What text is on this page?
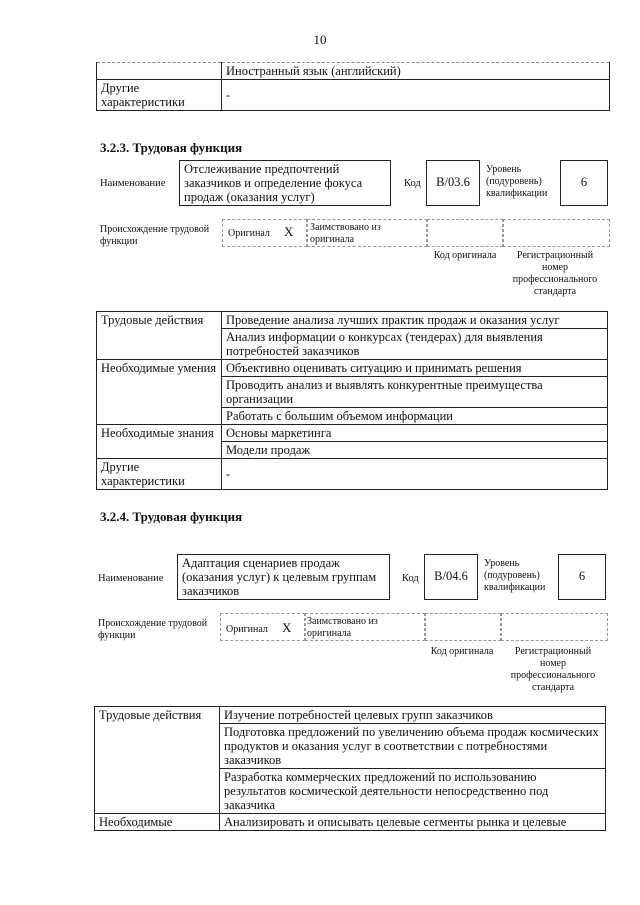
10
	Иностранный язык (английский)
Другие характеристики	-
3.2.3. Трудовая функция
Наименование
Отслеживание предпочтений заказчиков и определение фокуса продаж (оказания услуг)
Код	B/03.6
Уровень (подуровень) квалификации
6
Происхождение трудовой функции
Оригинал X Заимствовано из оригинала
Код оригинала	Регистрационный номер профессионального стандарта
Трудовые действия	Проведение анализа лучших практик продаж и оказания услуг
	Анализ информации о конкурсах (тендерах) для выявления потребностей заказчиков
Необходимые умения	Объективно оценивать ситуацию и принимать решения
	Проводить анализ и выявлять конкурентные преимущества организации
	Работать с большим объемом информации
Необходимые знания	Основы маркетинга
	Модели продаж
Другие характеристики	-
3.2.4. Трудовая функция
Наименование
Адаптация сценариев продаж (оказания услуг) к целевым группам заказчиков
Код	B/04.6
Уровень (подуровень) квалификации
6
Происхождение трудовой функции
Оригинал X Заимствовано из оригинала
Код оригинала	Регистрационный номер профессионального стандарта
Трудовые действия	Изучение потребностей целевых групп заказчиков
	Подготовка предложений по увеличению объема продаж космических продуктов и оказания услуг в соответствии с потребностями заказчиков
	Разработка коммерческих предложений по использованию результатов космической деятельности непосредственно под заказчика
Необходимые	Анализировать и описывать целевые сегменты рынка и целевые
